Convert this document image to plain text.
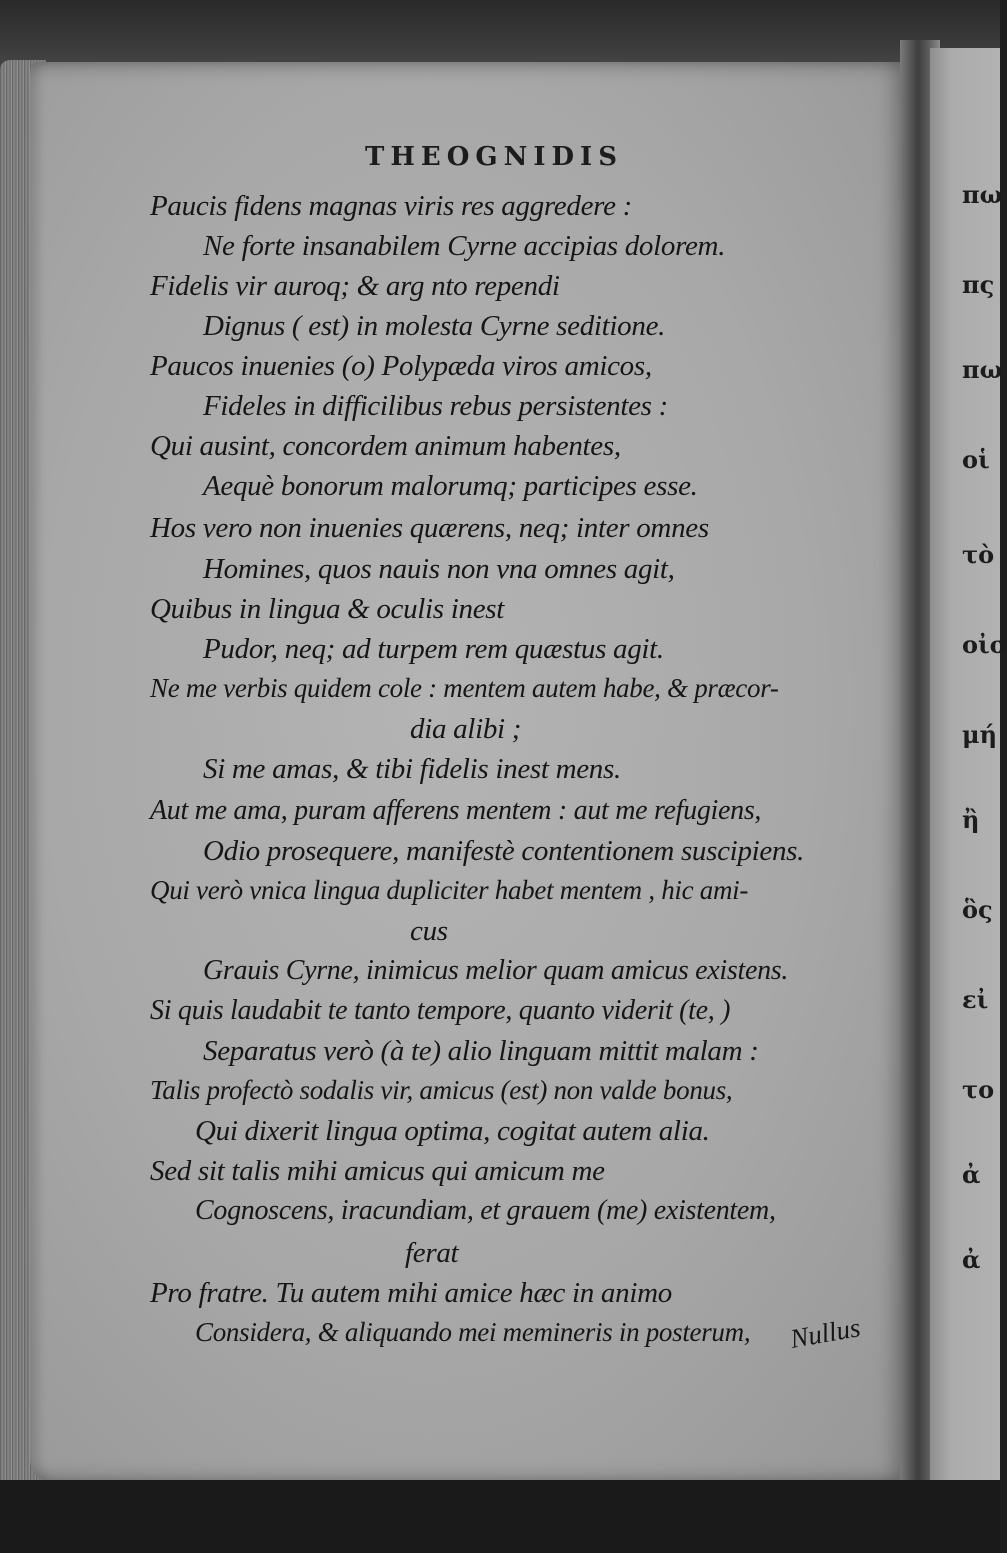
THEOGNIDIS
Paucis fidens magnas viris res aggredere :
Ne forte insanabilem Cyrne accipias dolorem.
Fidelis vir auroq; & arg nto rependi
Dignus ( est) in molesta Cyrne seditione.
Paucos inuenies (o) Polypæda viros amicos,
Fideles in difficilibus rebus persistentes :
Qui ausint, concordem animum habentes,
Aequè bonorum malorumq; participes esse.
Hos vero non inuenies quærens, neq; inter omnes
Homines, quos nauis non vna omnes agit,
Quibus in lingua & oculis inest
Pudor, neq; ad turpem rem quæstus agit.
Ne me verbis quidem cole : mentem autem habe, & præcor-
dia alibi ;
Si me amas, & tibi fidelis inest mens.
Aut me ama, puram afferens mentem : aut me refugiens,
Odio prosequere, manifestè contentionem suscipiens.
Qui verò vnica lingua dupliciter habet mentem , hic ami-
cus
Grauis Cyrne, inimicus melior quam amicus existens.
Si quis laudabit te tanto tempore, quanto viderit (te, )
Separatus verò (à te) alio linguam mittit malam :
Talis profectò sodalis vir, amicus (est) non valde bonus,
Qui dixerit lingua optima, cogitat autem alia.
Sed sit talis mihi amicus qui amicum me
Cognoscens, iracundiam, et grauem (me) existentem,
ferat
Pro fratre. Tu autem mihi amice hæc in animo
Considera, & aliquando mei memineris in posterum, Nullus
πω
πς
πω
οἱ
τὸ
οἰσ
μή
ἢ
ὃς
εἰ
το
ἀ
ἀ
